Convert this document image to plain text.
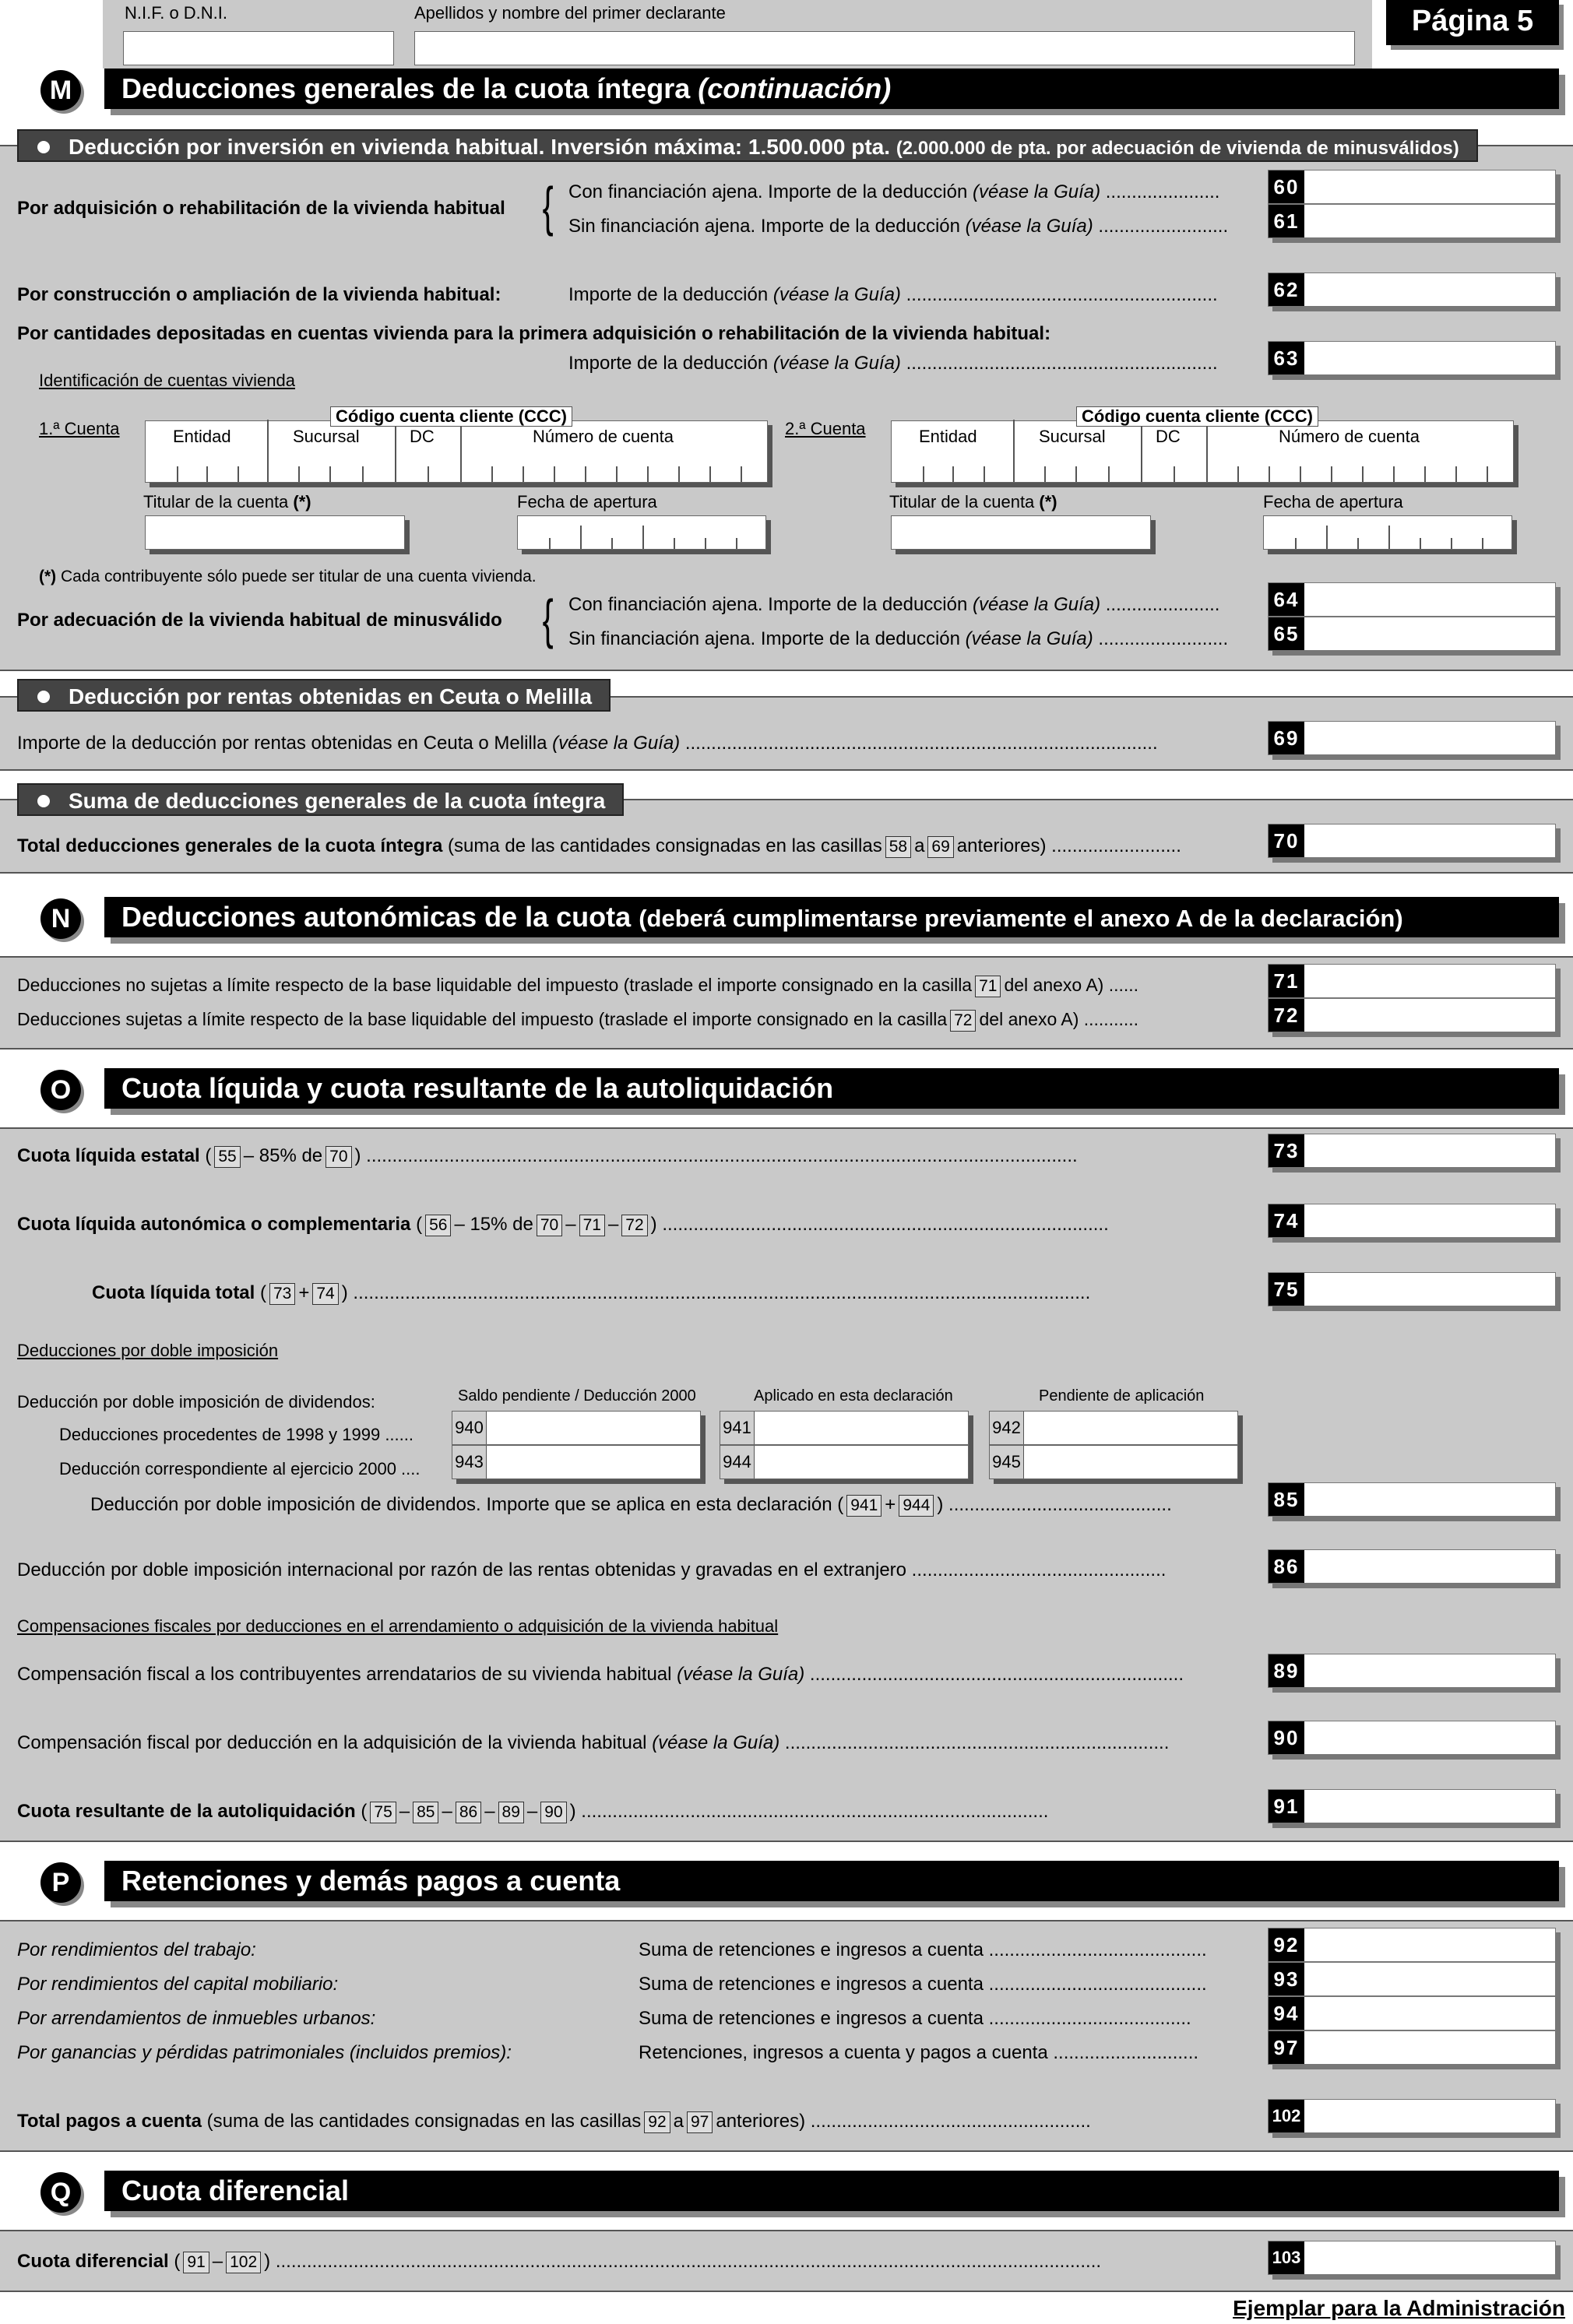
N.I.F. o D.N.I.	Apellidos y nombre del primer declarante	Página 5
M	Deducciones generales de la cuota íntegra (continuación)
Deducción por inversión en vivienda habitual. Inversión máxima: 1.500.000 pta. (2.000.000 de pta. por adecuación de vivienda de minusválidos)
Por adquisición o rehabilitación de la vivienda habitual { Con financiación ajena. Importe de la deducción (véase la Guía) ......................
Sin financiación ajena. Importe de la deducción (véase la Guía) .........................
60
61
Por construcción o ampliación de la vivienda habitual:	Importe de la deducción (véase la Guía) ............................................................	62
Por cantidades depositadas en cuentas vivienda para la primera adquisición o rehabilitación de la vivienda habitual:
Importe de la deducción (véase la Guía) ............................................................	63
Identificación de cuentas vivienda
1.ª Cuenta
Código cuenta cliente (CCC)
Entidad	Sucursal	DC	Número de cuenta
Titular de la cuenta (*)	Fecha de apertura
2.ª Cuenta
Código cuenta cliente (CCC)
Entidad	Sucursal	DC	Número de cuenta
Titular de la cuenta (*)	Fecha de apertura
(*) Cada contribuyente sólo puede ser titular de una cuenta vivienda.
Por adecuación de la vivienda habitual de minusválido { Con financiación ajena. Importe de la deducción (véase la Guía) ......................
Sin financiación ajena. Importe de la deducción (véase la Guía) .........................
64
65
Deducción por rentas obtenidas en Ceuta o Melilla
Importe de la deducción por rentas obtenidas en Ceuta o Melilla (véase la Guía) ...........................................................................................	69
Suma de deducciones generales de la cuota íntegra
Total deducciones generales de la cuota íntegra (suma de las cantidades consignadas en las casillas 58 a 69 anteriores) .........................	70
N	Deducciones autonómicas de la cuota (deberá cumplimentarse previamente el anexo A de la declaración)
Deducciones no sujetas a límite respecto de la base liquidable del impuesto (traslade el importe consignado en la casilla 71 del anexo A) ......
Deducciones sujetas a límite respecto de la base liquidable del impuesto (traslade el importe consignado en la casilla 72 del anexo A) ...........
71
72
O	Cuota líquida y cuota resultante de la autoliquidación
Cuota líquida estatal ( 55 – 85% de 70 ) .........................................................................................................................................	73
Cuota líquida autonómica o complementaria ( 56 – 15% de 70 – 71 – 72 ) ......................................................................................	74
Cuota líquida total ( 73 + 74 ) ..............................................................................................................................................	75
Deducciones por doble imposición
Deducción por doble imposición de dividendos:	Saldo pendiente / Deducción 2000	Aplicado en esta declaración	Pendiente de aplicación
Deducciones procedentes de 1998 y 1999 ......
Deducción correspondiente al ejercicio 2000 ....
940	941	942
943	944	945
Deducción por doble imposición de dividendos. Importe que se aplica en esta declaración ( 941 + 944 ) ...........................................	85
Deducción por doble imposición internacional por razón de las rentas obtenidas y gravadas en el extranjero .................................................	86
Compensaciones fiscales por deducciones en el arrendamiento o adquisición de la vivienda habitual
Compensación fiscal a los contribuyentes arrendatarios de su vivienda habitual (véase la Guía) ........................................................................	89
Compensación fiscal por deducción en la adquisición de la vivienda habitual (véase la Guía) ..........................................................................	90
Cuota resultante de la autoliquidación ( 75 – 85 – 86 – 89 – 90 ) ..........................................................................................	91
P	Retenciones y demás pagos a cuenta
Por rendimientos del trabajo:	Suma de retenciones e ingresos a cuenta ..........................................	92
Por rendimientos del capital mobiliario:	Suma de retenciones e ingresos a cuenta ..........................................	93
Por arrendamientos de inmuebles urbanos:	Suma de retenciones e ingresos a cuenta .......................................	94
Por ganancias y pérdidas patrimoniales (incluidos premios):	Retenciones, ingresos a cuenta y pagos a cuenta ............................	97
Total pagos a cuenta (suma de las cantidades consignadas en las casillas 92 a 97 anteriores) ......................................................	102
Q	Cuota diferencial
Cuota diferencial ( 91 – 102 ) ...............................................................................................................................................................	103
Ejemplar para la Administración
